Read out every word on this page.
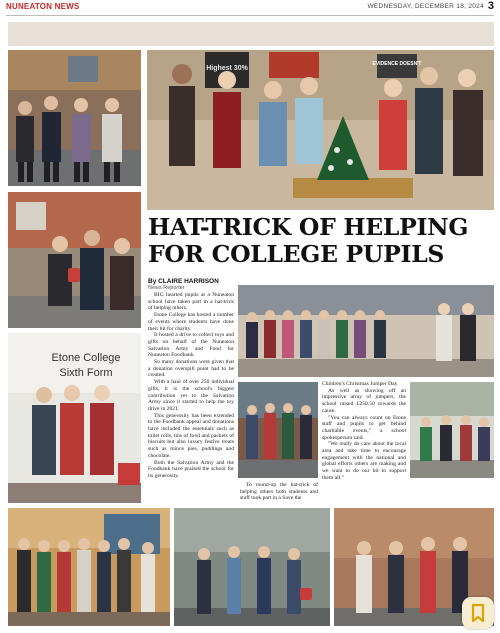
NUNEATON NEWS	WEDNESDAY, DECEMBER 18, 2024 3
Highest 30%
EVIDENCE DOESN'T
Etone College
Sixth Form
HAT-TRICK OF HELPING
FOR COLLEGE PUPILS
By CLAIRE HARRISON
News Reporter

BIG hearted pupils at a Nuneaton school have taken part in a hat-trick of helping others.

Etone College has hosted a number of events where students have done their bit for charity.

It hosted a drive to collect toys and gifts on behalf of the Nuneaton Salvation Army and Food for Nuneaton Foodbank.

So many donations were given that a donation overspill point had to be created.

With a haul of over 250 individual gifts, it is the school's biggest contribution yet to the Salvation Army since it started to help the toy drive in 2021.

This generosity has been extended to the Foodbank appeal and donations have included the essentials such as toilet rolls, tins of food and packets of biscuits but also luxury festive treats such as mince pies, puddings and chocolate.

Both the Salvation Army and the Foodbank have praised the school for its generosity.

To round-up the hat-trick of helping others both students and staff took part in a Save the

Children's Christmas Jumper Day.

As well as showing off an impressive array of jumpers, the school raised £250.50 towards the cause.

"You can always count on Etone staff and pupils to get behind charitable events," a school spokesperson said.

"We really do care about the local area and take time to encourage engagement with the national and global efforts others are making and we want to do our bit to support them all."
